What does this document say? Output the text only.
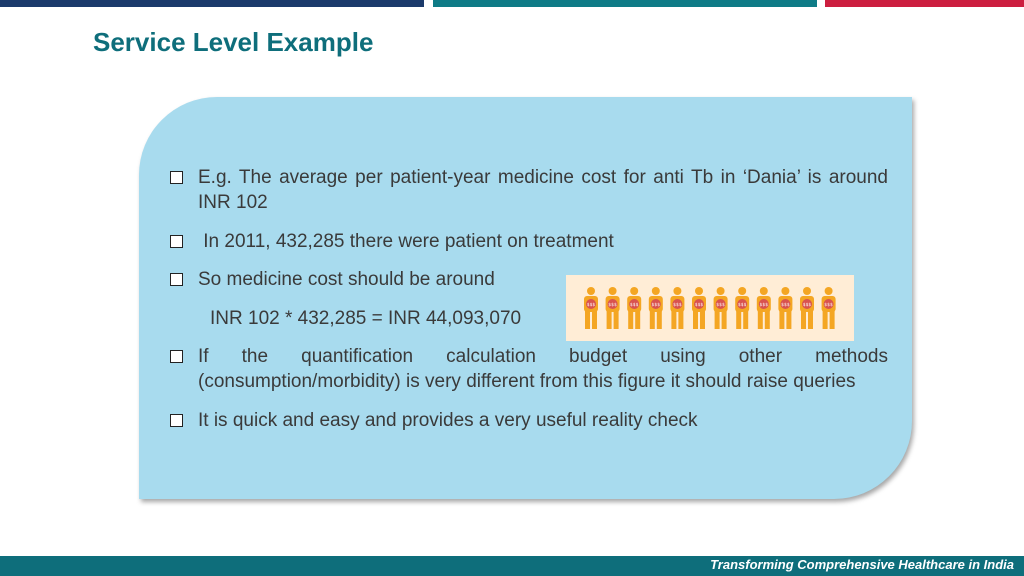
Service Level Example
E.g. The average per patient-year medicine cost for anti Tb in ‘Dania’ is around
INR 102
In 2011, 432,285 there were patient on treatment
So medicine cost should be around
INR 102 * 432,285 = INR 44,093,070
$$$	$$$	$$$	$$$	$$$	$$$	$$$	$$$	$$$	$$$	$$$	$$$
If the quantification calculation budget using other methods
(consumption/morbidity) is very different from this figure it should raise queries
It is quick and easy and provides a very useful reality check
Transforming Comprehensive Healthcare in India
